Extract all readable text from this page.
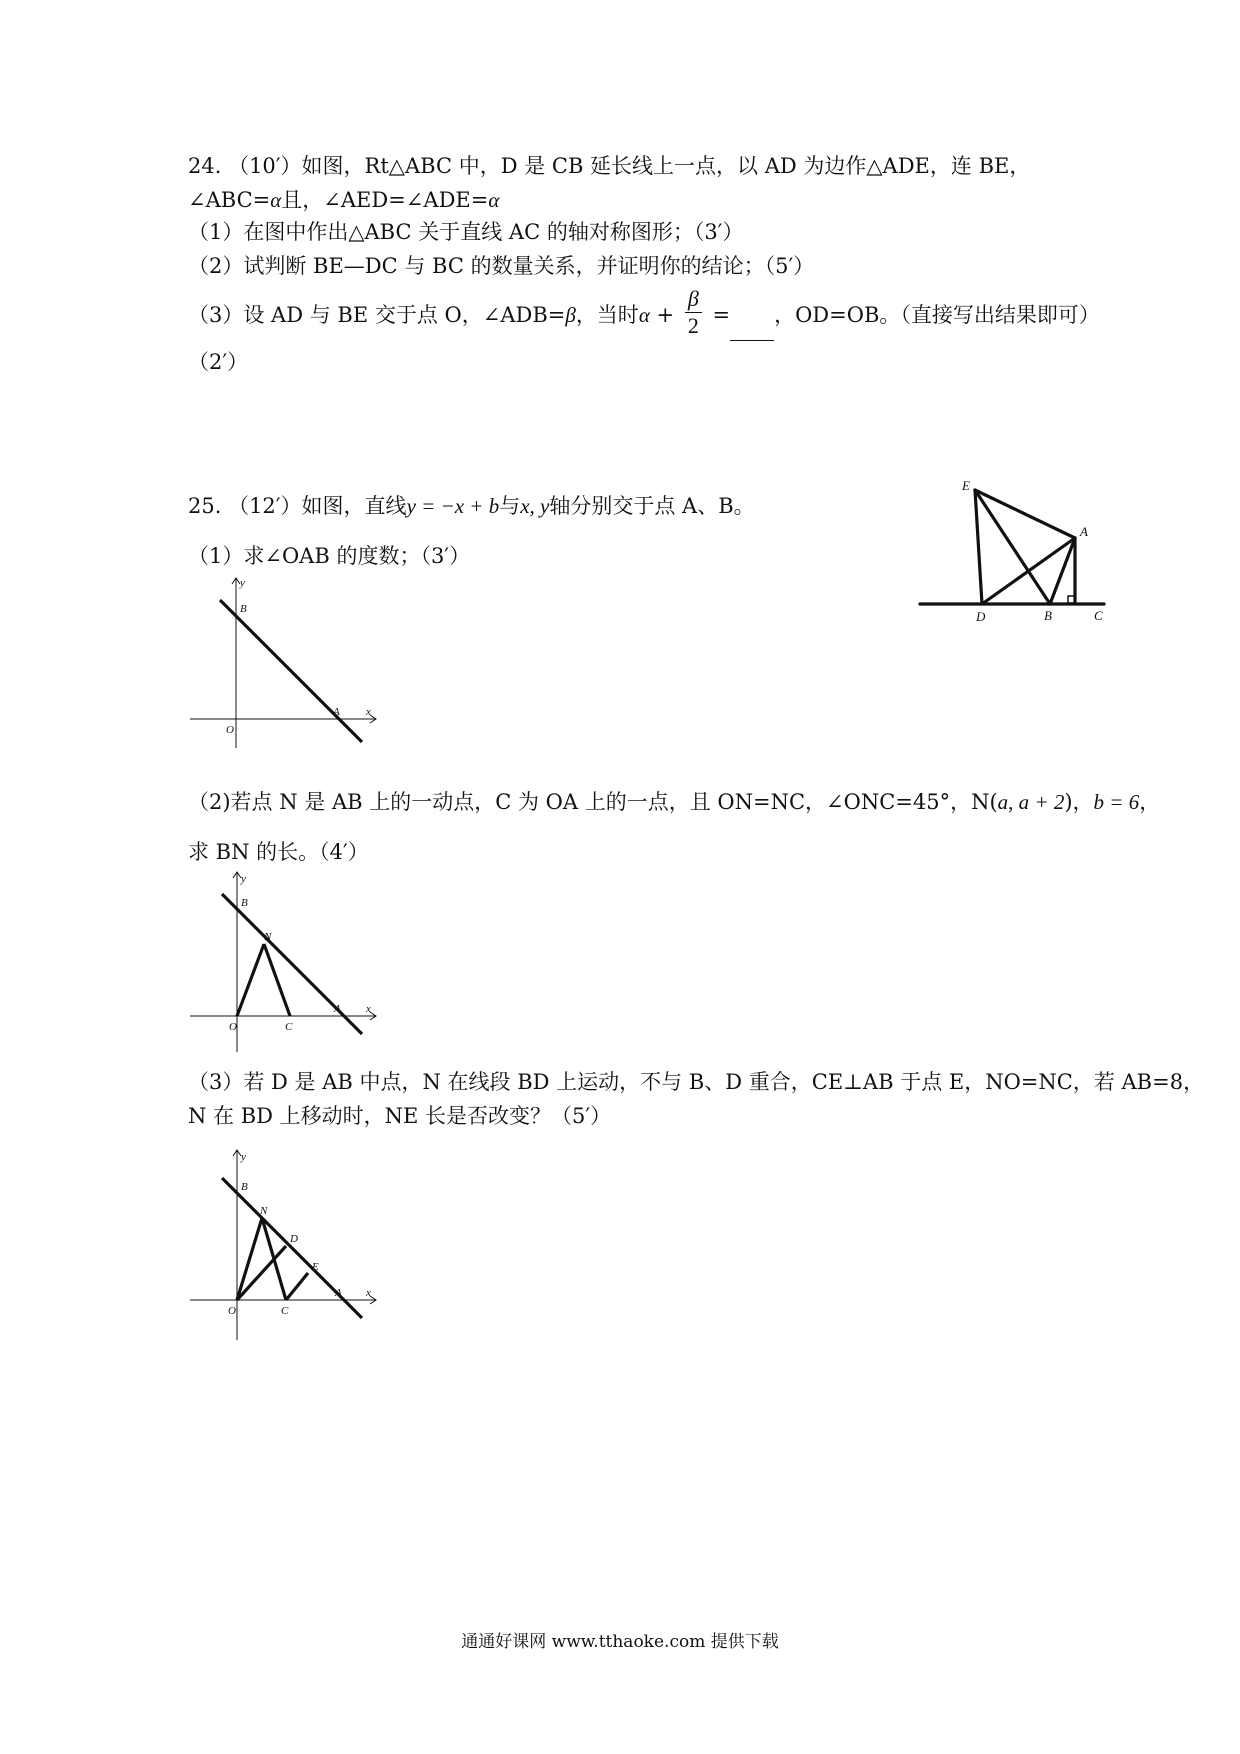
24. （10′）如图，Rt△ABC 中，D 是 CB 延长线上一点，以 AD 为边作△ADE，连 BE，
∠ABC=α且，∠AED=∠ADE=α
（1）在图中作出△ABC 关于直线 AC 的轴对称图形；（3′）
（2）试判断 BE—DC 与 BC 的数量关系，并证明你的结论；（5′）
（3）设 AD 与 BE 交于点 O，∠ADB=β，当时$\alpha + \frac{\beta}{2}$ = ，OD=OB。（直接写出结果即可）
（2′）
25. （12′）如图，直线y = −x + b与x, y轴分别交于点 A、B。
（1）求∠OAB 的度数；（3′）
（2)若点 N 是 AB 上的一动点，C 为 OA 上的一点，且 ON=NC，∠ONC=45°，N(a, a + 2)，b = 6，
求 BN 的长。（4′）
（3）若 D 是 AB 中点，N 在线段 BD 上运动，不与 B、D 重合，CE⊥AB 于点 E，NO=NC，若 AB=8，
N 在 BD 上移动时，NE 长是否改变？（5′）
E
A
D	B	C
y
B
O
A x
y
B
N
O	C
A x
y
B
N
D
E
O	C
A x
通通好课网 www.tthaoke.com 提供下载
